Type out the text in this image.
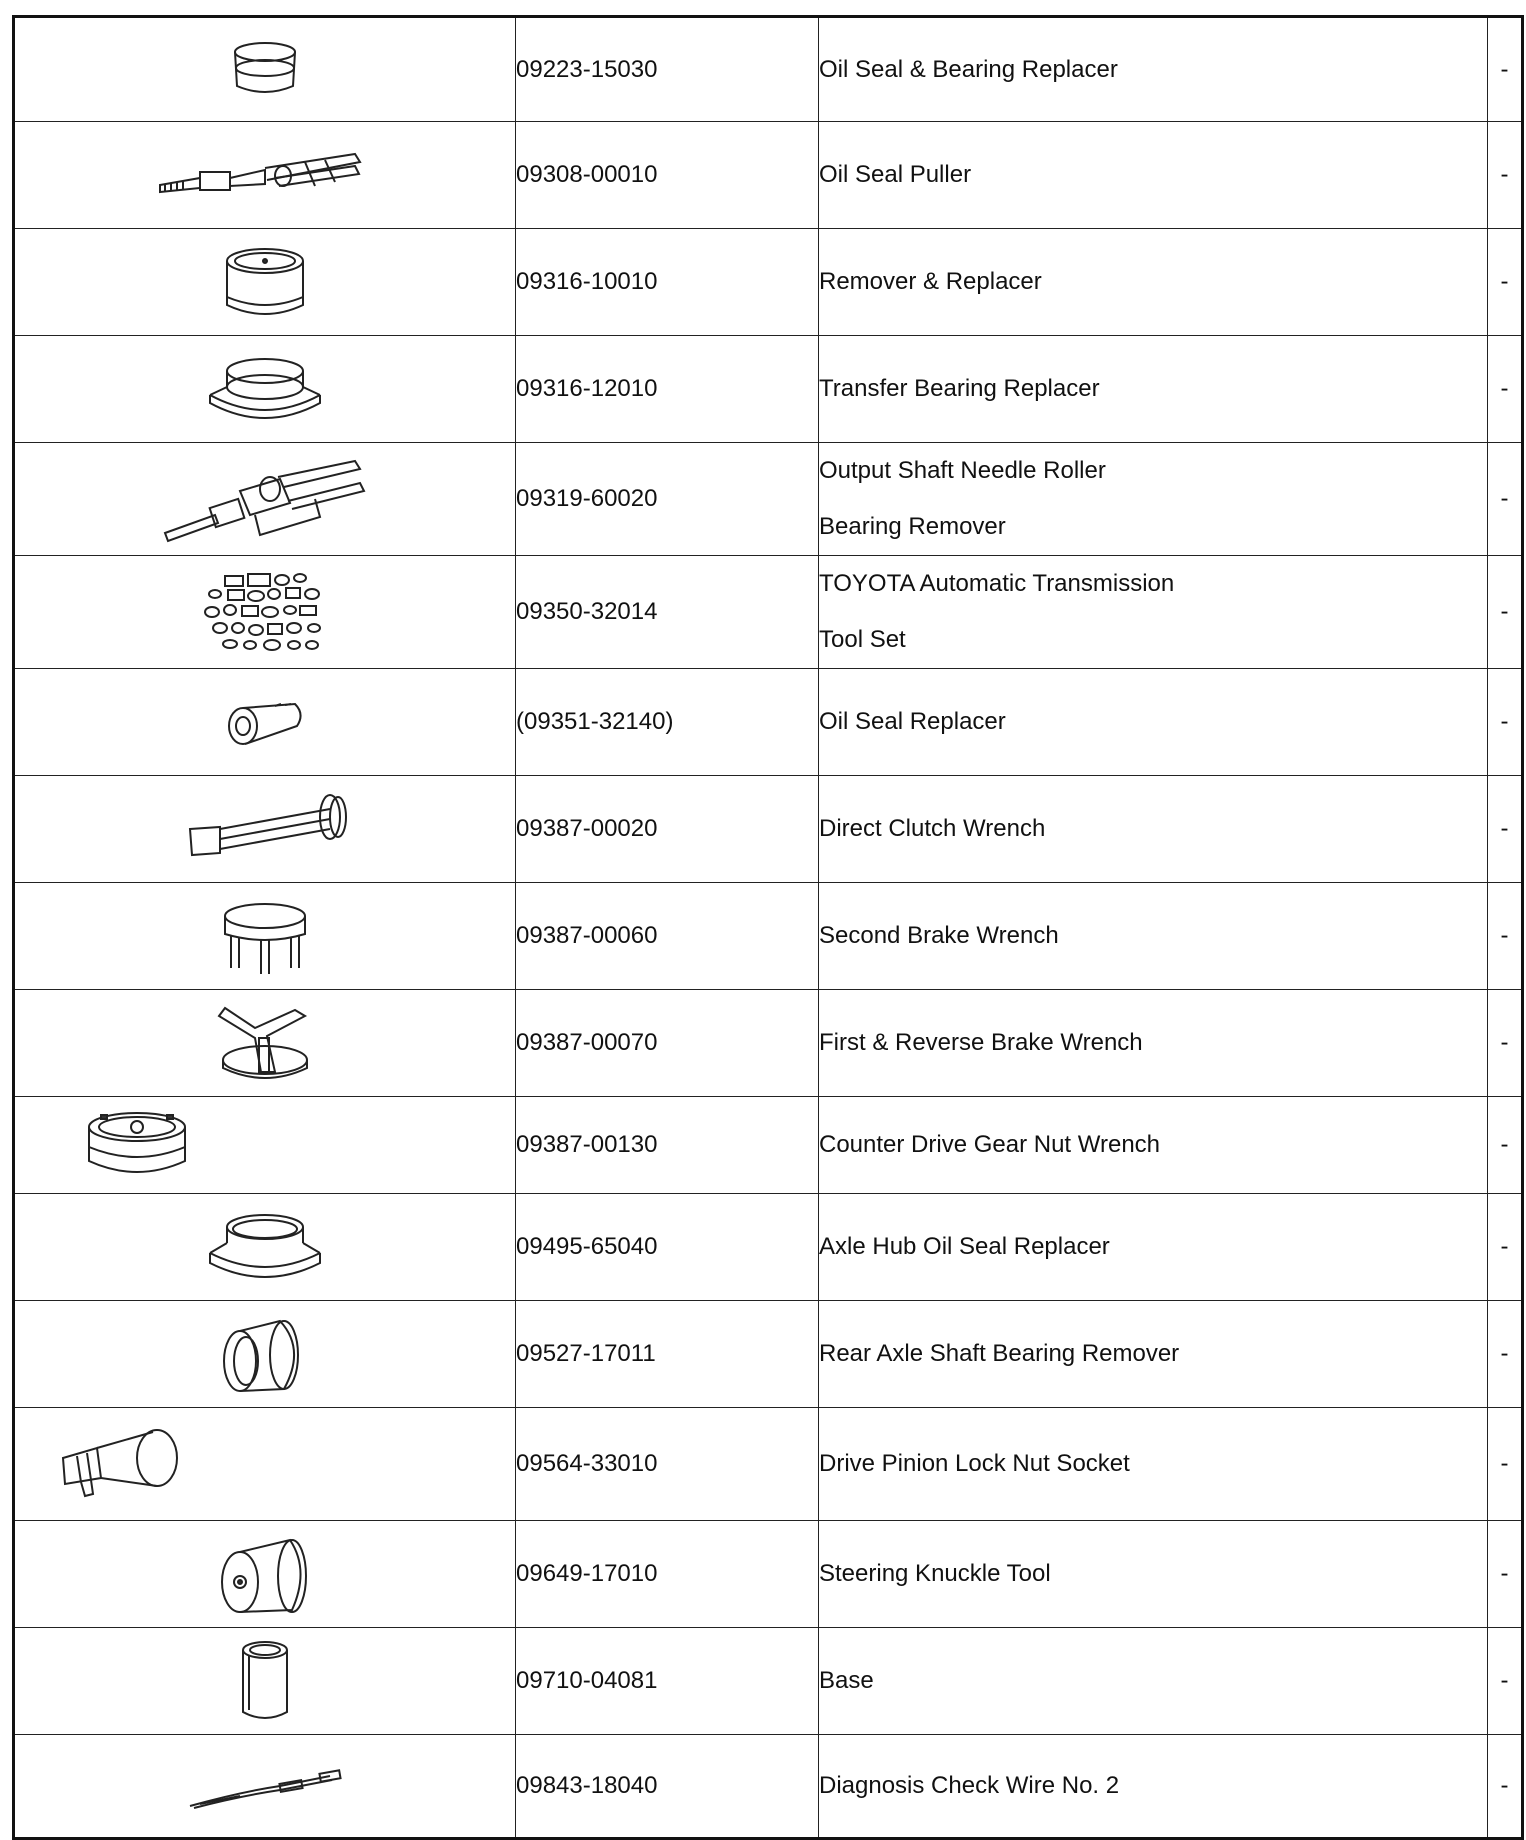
	09223-15030	Oil Seal & Bearing Replacer	-

	09308-00010	Oil Seal Puller	-

	09316-10010	Remover & Replacer	-

	09316-12010	Transfer Bearing Replacer	-

	09319-60020	Output Shaft Needle Roller
Bearing Remover	-

	09350-32014	TOYOTA Automatic Transmission
Tool Set	-

	(09351-32140)	Oil Seal Replacer	-

	09387-00020	Direct Clutch Wrench	-

	09387-00060	Second Brake Wrench	-

	09387-00070	First & Reverse Brake Wrench	-

	09387-00130	Counter Drive Gear Nut Wrench	-

	09495-65040	Axle Hub Oil Seal Replacer	-

	09527-17011	Rear Axle Shaft Bearing Remover	-

	09564-33010	Drive Pinion Lock Nut Socket	-

	09649-17010	Steering Knuckle Tool	-

	09710-04081	Base	-

	09843-18040	Diagnosis Check Wire No. 2	-
